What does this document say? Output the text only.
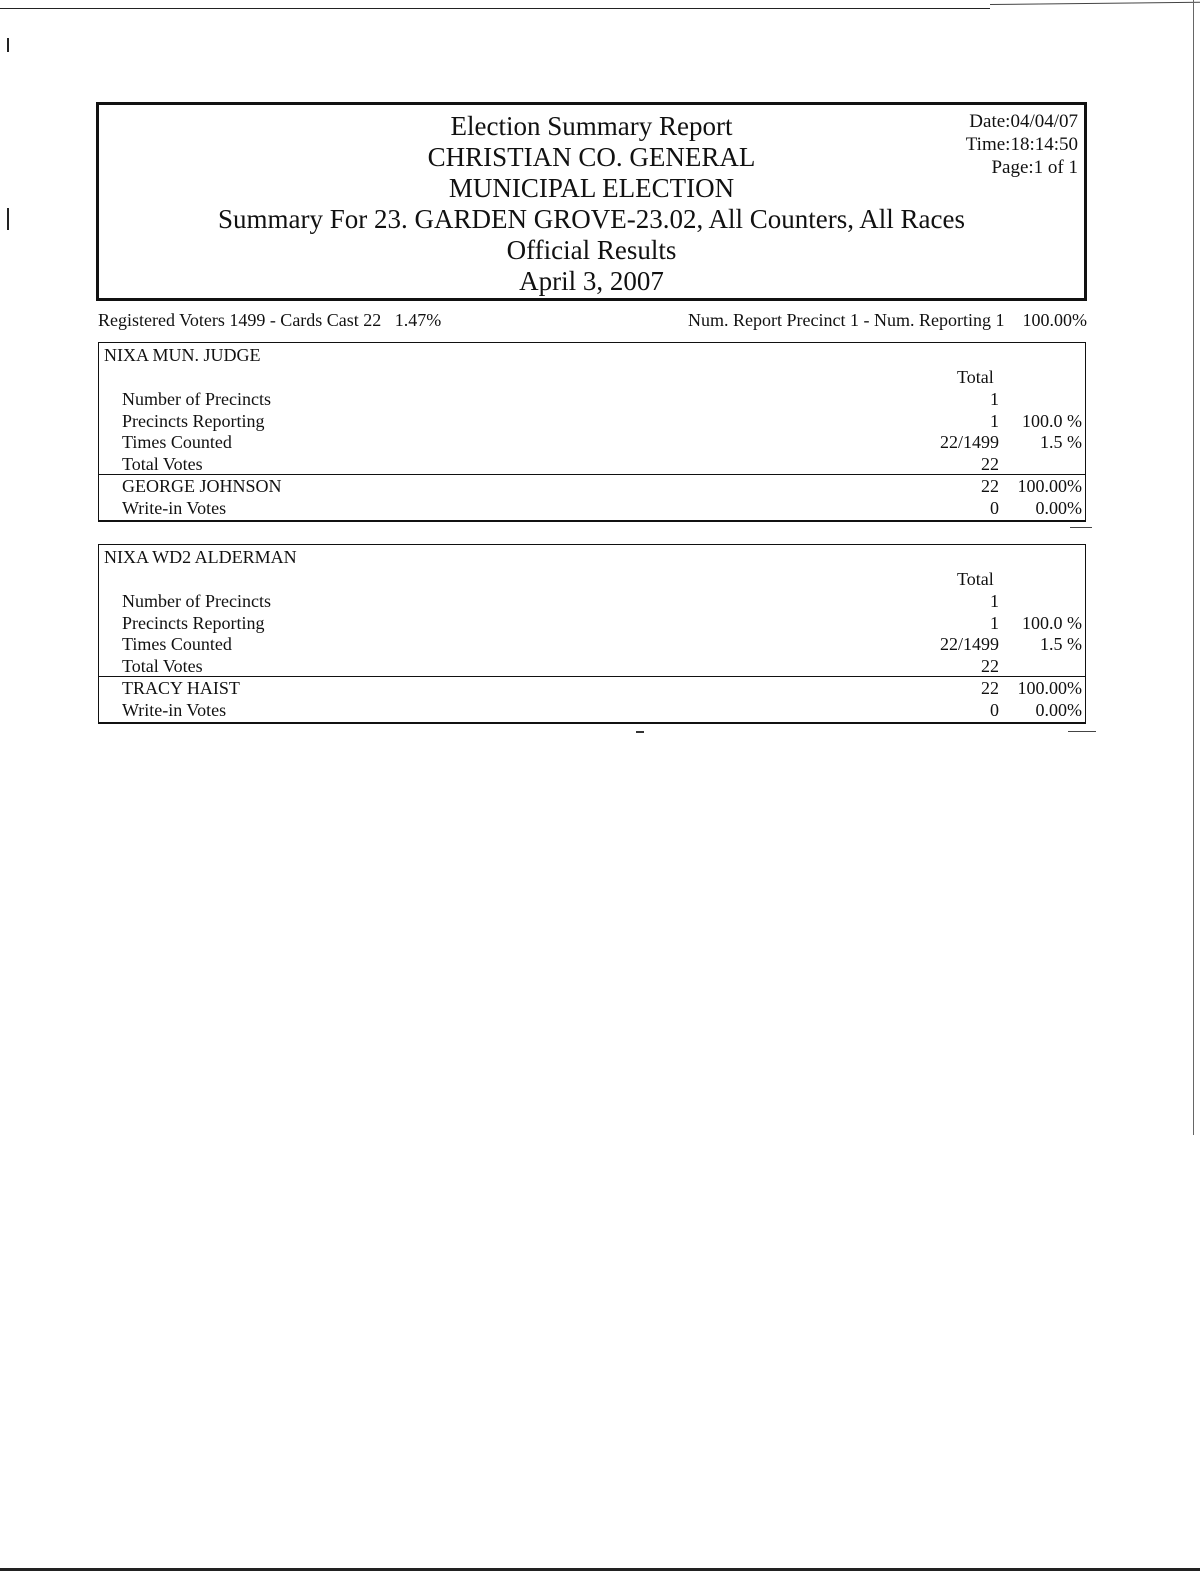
Election Summary Report
CHRISTIAN CO. GENERAL
MUNICIPAL ELECTION
Summary For 23. GARDEN GROVE-23.02, All Counters, All Races
Official Results
April 3, 2007
Date:04/04/07
Time:18:14:50
Page:1 of 1
Registered Voters 1499 - Cards Cast 22   1.47%	Num. Report Precinct 1 - Num. Reporting 1    100.00%
NIXA MUN. JUDGE
Total
Number of Precincts	1
Precincts Reporting	1 100.0 %
Times Counted	22/1499 1.5 %
Total Votes	22
GEORGE JOHNSON	22 100.00%
Write-in Votes	0 0.00%
NIXA WD2 ALDERMAN
Total
Number of Precincts	1
Precincts Reporting	1 100.0 %
Times Counted	22/1499 1.5 %
Total Votes	22
TRACY HAIST	22 100.00%
Write-in Votes	0 0.00%
